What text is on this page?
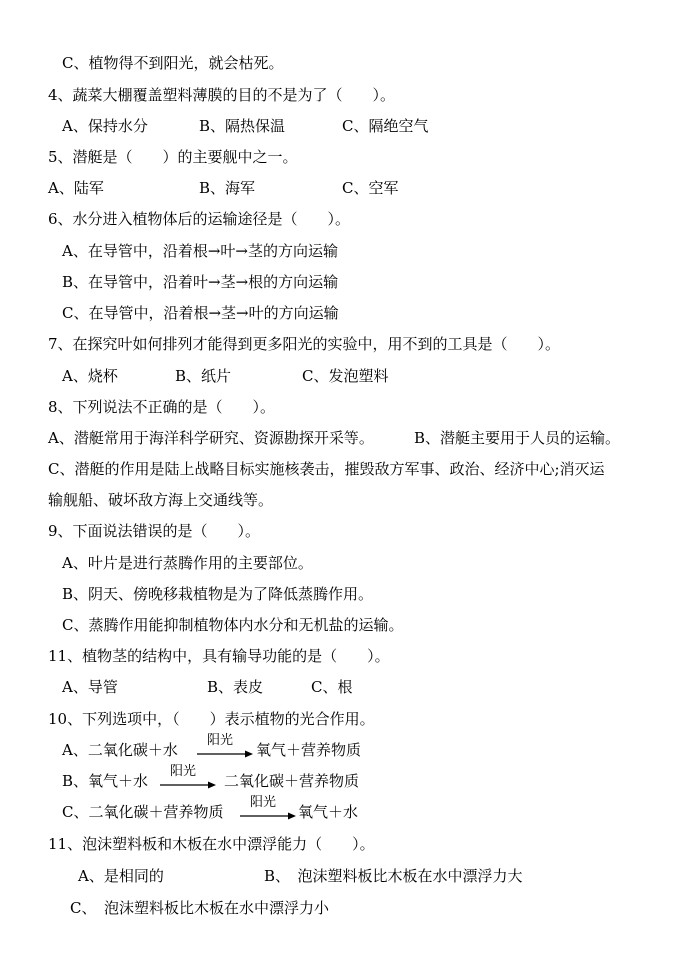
C、植物得不到阳光，就会枯死。
4、蔬菜大棚覆盖塑料薄膜的目的不是为了（　　）。
A、保持水分	B、隔热保温	C、隔绝空气
5、潜艇是（　　）的主要舰中之一。
A、陆军	B、海军	C、空军
6、水分进入植物体后的运输途径是（　　）。
A、在导管中，沿着根→叶→茎的方向运输
B、在导管中，沿着叶→茎→根的方向运输
C、在导管中，沿着根→茎→叶的方向运输
7、在探究叶如何排列才能得到更多阳光的实验中，用不到的工具是（　　）。
A、烧杯	B、纸片	C、发泡塑料
8、下列说法不正确的是（　　）。
A、潜艇常用于海洋科学研究、资源勘探开采等。	B、潜艇主要用于人员的运输。
C、潜艇的作用是陆上战略目标实施核袭击，摧毁敌方军事、政治、经济中心;消灭运
输舰船、破坏敌方海上交通线等。
9、下面说法错误的是（　　）。
A、叶片是进行蒸腾作用的主要部位。
B、阴天、傍晚移栽植物是为了降低蒸腾作用。
C、蒸腾作用能抑制植物体内水分和无机盐的运输。
11、植物茎的结构中，具有输导功能的是（　　）。
A、导管	B、表皮	C、根
10、下列选项中，（　　）表示植物的光合作用。
A、二氧化碳＋水
阳光
氧气＋营养物质
B、氧气＋水
阳光
二氧化碳＋营养物质
C、二氧化碳＋营养物质
阳光
氧气＋水
11、泡沫塑料板和木板在水中漂浮能力（　　）。
A、是相同的	B、　泡沫塑料板比木板在水中漂浮力大
C、　泡沫塑料板比木板在水中漂浮力小
